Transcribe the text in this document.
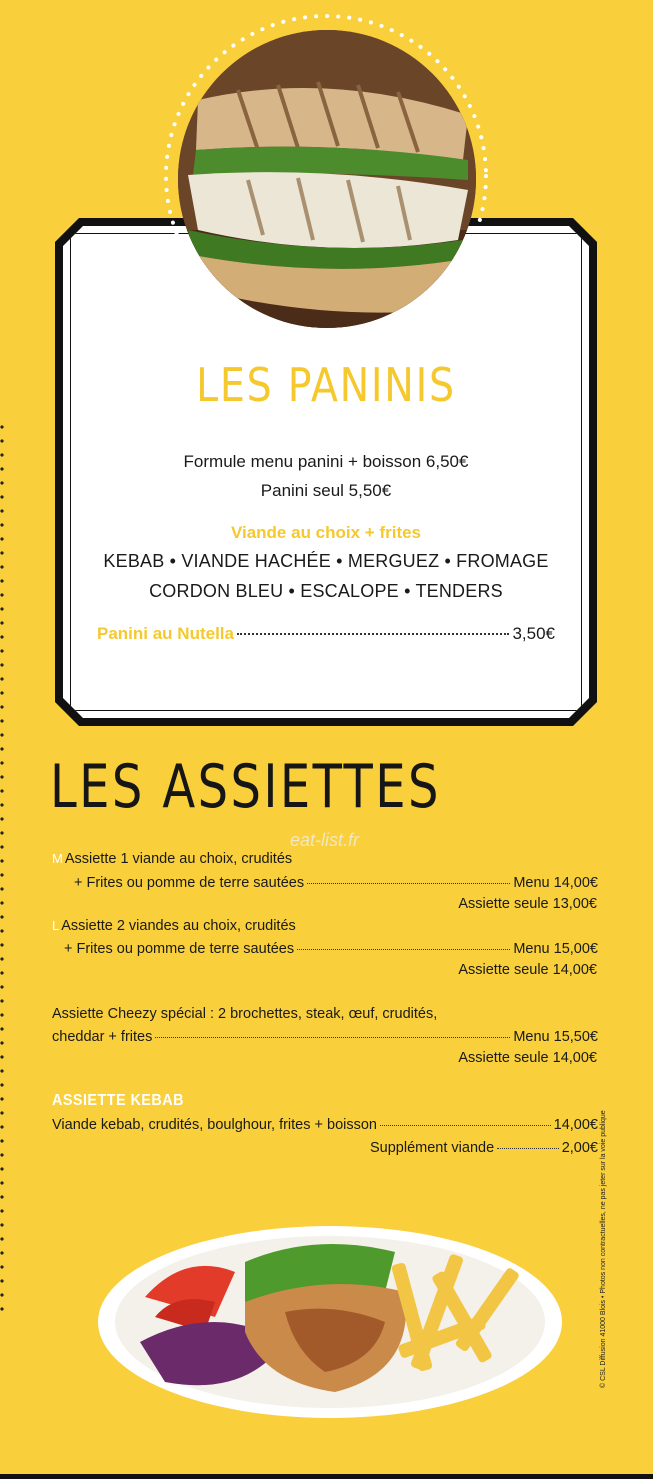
LES PANINIS
Formule menu panini + boisson 6,50€
Panini seul 5,50€
Viande au choix + frites
KEBAB • VIANDE HACHÉE • MERGUEZ • FROMAGE
CORDON BLEU • ESCALOPE • TENDERS
Panini au Nutella	3,50€
LES ASSIETTES
eat-list.fr
M Assiette 1 viande au choix, crudités
+ Frites ou pomme de terre sautées	Menu 14,00€
Assiette seule 13,00€
L Assiette 2 viandes au choix, crudités
+ Frites ou pomme de terre sautées	Menu 15,00€
Assiette seule 14,00€
Assiette Cheezy spécial : 2 brochettes, steak, œuf, crudités,
cheddar + frites	Menu 15,50€
Assiette seule 14,00€
ASSIETTE KEBAB
Viande kebab, crudités, boulghour, frites + boisson	14,00€
Supplément viande	2,00€ © CSL Diffusion 41000 Blois • Photos non contractuelles, ne pas jeter sur la voie publique
